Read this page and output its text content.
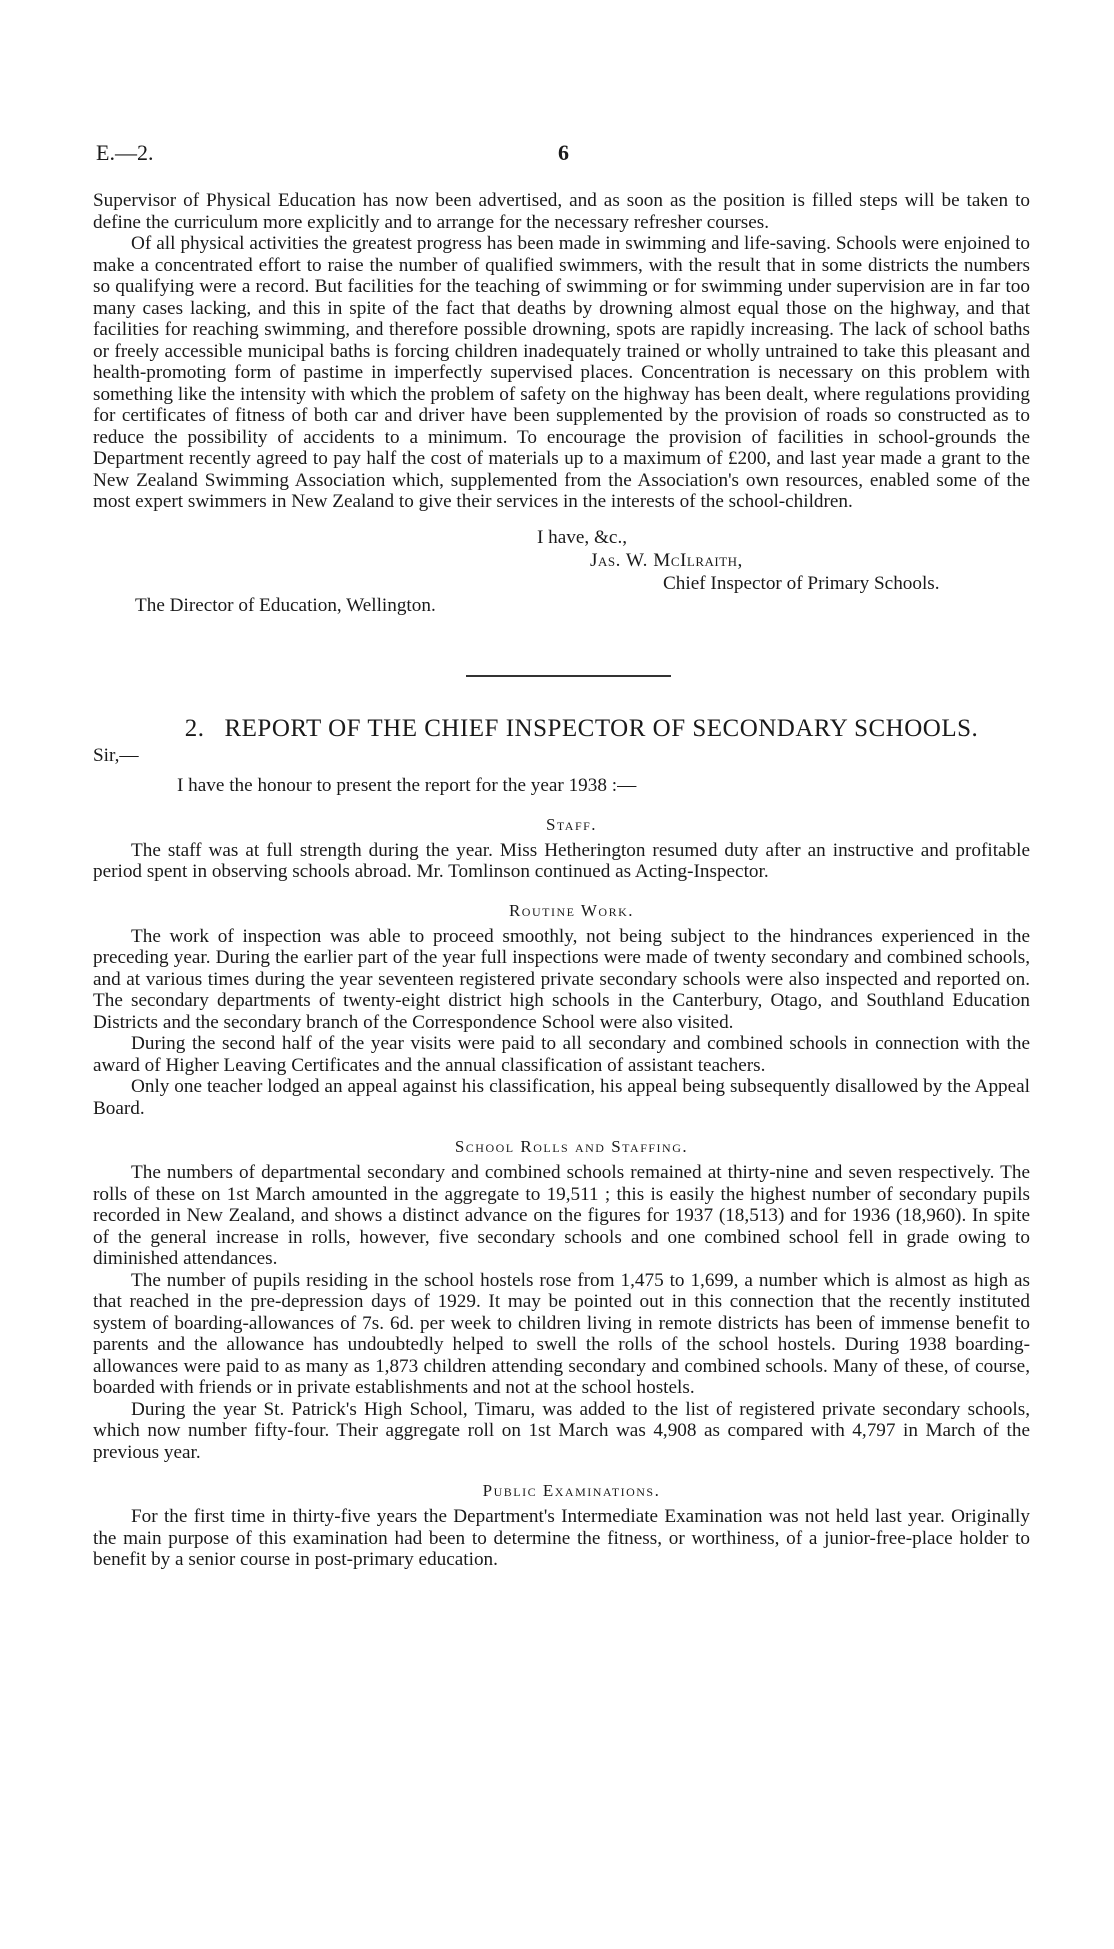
E.—2.	6

Supervisor of Physical Education has now been advertised, and as soon as the position is filled steps will be taken to define the curriculum more explicitly and to arrange for the necessary refresher courses.

Of all physical activities the greatest progress has been made in swimming and life-saving. Schools were enjoined to make a concentrated effort to raise the number of qualified swimmers, with the result that in some districts the numbers so qualifying were a record. But facilities for the teaching of swimming or for swimming under supervision are in far too many cases lacking, and this in spite of the fact that deaths by drowning almost equal those on the highway, and that facilities for reaching swimming, and therefore possible drowning, spots are rapidly increasing. The lack of school baths or freely accessible municipal baths is forcing children inadequately trained or wholly untrained to take this pleasant and health-promoting form of pastime in imperfectly supervised places. Concentration is necessary on this problem with something like the intensity with which the problem of safety on the highway has been dealt, where regulations providing for certificates of fitness of both car and driver have been supplemented by the provision of roads so constructed as to reduce the possibility of accidents to a minimum. To encourage the provision of facilities in school-grounds the Department recently agreed to pay half the cost of materials up to a maximum of £200, and last year made a grant to the New Zealand Swimming Association which, supplemented from the Association's own resources, enabled some of the most expert swimmers in New Zealand to give their services in the interests of the school-children.

I have, &c.,
Jas. W. McIlraith,
Chief Inspector of Primary Schools.
The Director of Education, Wellington.
2. REPORT OF THE CHIEF INSPECTOR OF SECONDARY SCHOOLS.
Sir,—
I have the honour to present the report for the year 1938 :—
Staff.

The staff was at full strength during the year. Miss Hetherington resumed duty after an instructive and profitable period spent in observing schools abroad. Mr. Tomlinson continued as Acting-Inspector.

Routine Work.

The work of inspection was able to proceed smoothly, not being subject to the hindrances experienced in the preceding year. During the earlier part of the year full inspections were made of twenty secondary and combined schools, and at various times during the year seventeen registered private secondary schools were also inspected and reported on. The secondary departments of twenty-eight district high schools in the Canterbury, Otago, and Southland Education Districts and the secondary branch of the Correspondence School were also visited.

During the second half of the year visits were paid to all secondary and combined schools in connection with the award of Higher Leaving Certificates and the annual classification of assistant teachers.

Only one teacher lodged an appeal against his classification, his appeal being subsequently disallowed by the Appeal Board.

School Rolls and Staffing.

The numbers of departmental secondary and combined schools remained at thirty-nine and seven respectively. The rolls of these on 1st March amounted in the aggregate to 19,511 ; this is easily the highest number of secondary pupils recorded in New Zealand, and shows a distinct advance on the figures for 1937 (18,513) and for 1936 (18,960). In spite of the general increase in rolls, however, five secondary schools and one combined school fell in grade owing to diminished attendances.

The number of pupils residing in the school hostels rose from 1,475 to 1,699, a number which is almost as high as that reached in the pre-depression days of 1929. It may be pointed out in this connection that the recently instituted system of boarding-allowances of 7s. 6d. per week to children living in remote districts has been of immense benefit to parents and the allowance has undoubtedly helped to swell the rolls of the school hostels. During 1938 boarding-allowances were paid to as many as 1,873 children attending secondary and combined schools. Many of these, of course, boarded with friends or in private establishments and not at the school hostels.

During the year St. Patrick's High School, Timaru, was added to the list of registered private secondary schools, which now number fifty-four. Their aggregate roll on 1st March was 4,908 as compared with 4,797 in March of the previous year.

Public Examinations.

For the first time in thirty-five years the Department's Intermediate Examination was not held last year. Originally the main purpose of this examination had been to determine the fitness, or worthiness, of a junior-free-place holder to benefit by a senior course in post-primary education.
